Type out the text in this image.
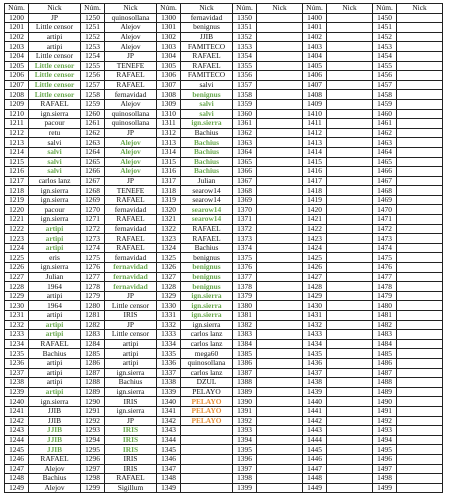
Núm.	Nick	Núm.	Nick	Núm.	Nick	Núm.	Nick	Núm.	Nick	Núm.	Nick
1200	JP	1250	quinosollana	1300	fernavidad	1350		1400		1450	
1201	Little censor	1251	Alejov	1301	benignus	1351		1401		1451	
1202	artipi	1252	Alejov	1302	JJIB	1352		1402		1452	
1203	artipi	1253	Alejov	1303	FAMITECO	1353		1403		1453	
1204	Little censor	1254	JP	1304	RAFAEL	1354		1404		1454	
1205	Little censor	1255	TENEFE	1305	RAFAEL	1355		1405		1455	
1206	Little censor	1256	RAFAEL	1306	FAMITECO	1356		1406		1456	
1207	Little censor	1257	RAFAEL	1307	salvi	1357		1407		1457	
1208	Little censor	1258	fernavidad	1308	benignus	1358		1408		1458	
1209	RAFAEL	1259	Alejov	1309	salvi	1359		1409		1459	
1210	ign.sierra	1260	quinosollana	1310	salvi	1360		1410		1460	
1211	pacour	1261	quinosollana	1311	ign.sierra	1361		1411		1461	
1212	retu	1262	JP	1312	Bachius	1362		1412		1462	
1213	salvi	1263	Alejov	1313	Bachius	1363		1413		1463	
1214	salvi	1264	Alejov	1314	Bachius	1364		1414		1464	
1215	salvi	1265	Alejov	1315	Bachius	1365		1415		1465	
1216	salvi	1266	Alejov	1316	Bachius	1366		1416		1466	
1217	carlos lanz	1267	JP	1317	Julian	1367		1417		1467	
1218	ign.sierra	1268	TENEFE	1318	searow14	1368		1418		1468	
1219	ign.sierra	1269	RAFAEL	1319	searow14	1369		1419		1469	
1220	pacour	1270	fernavidad	1320	searow14	1370		1420		1470	
1221	ign.sierra	1271	RAFAEL	1321	searow14	1371		1421		1471	
1222	artipi	1272	fernavidad	1322	RAFAEL	1372		1422		1472	
1223	artipi	1273	RAFAEL	1323	RAFAEL	1373		1423		1473	
1224	artipi	1274	RAFAEL	1324	Bachius	1374		1424		1474	
1225	eris	1275	fernavidad	1325	benignus	1375		1425		1475	
1226	ign.sierra	1276	fernavidad	1326	benignus	1376		1426		1476	
1227	Julian	1277	fernavidad	1327	benignus	1377		1427		1477	
1228	1964	1278	fernavidad	1328	benignus	1378		1428		1478	
1229	artipi	1279	JP	1329	ign.sierra	1379		1429		1479	
1230	1964	1280	Little censor	1330	ign.sierra	1380		1430		1480	
1231	artipi	1281	IRIS	1331	ign.sierra	1381		1431		1481	
1232	artipi	1282	JP	1332	ign.sierra	1382		1432		1482	
1233	artipi	1283	Little censor	1333	carlos lanz	1383		1433		1483	
1234	RAFAEL	1284	artipi	1334	carlos lanz	1384		1434		1484	
1235	Bachius	1285	artipi	1335	mega60	1385		1435		1485	
1236	artipi	1286	artipi	1336	quinosollana	1386		1436		1486	
1237	artipi	1287	ign.sierra	1337	carlos lanz	1387		1437		1487	
1238	artipi	1288	Bachius	1338	DZUL	1388		1438		1488	
1239	artipi	1289	ign.sierra	1339	PELAYO	1389		1439		1489	
1240	ign.sierra	1290	IRIS	1340	PELAYO	1390		1440		1490	
1241	JJIB	1291	ign.sierra	1341	PELAYO	1391		1441		1491	
1242	JJIB	1292	JP	1342	PELAYO	1392		1442		1492	
1243	JJIB	1293	IRIS	1343		1393		1443		1493	
1244	JJIB	1294	IRIS	1344		1394		1444		1494	
1245	JJIB	1295	IRIS	1345		1395		1445		1495	
1246	RAFAEL	1296	IRIS	1346		1396		1446		1496	
1247	Alejov	1297	IRIS	1347		1397		1447		1497	
1248	Bachius	1298	RAFAEL	1348		1398		1448		1498	
1249	Alejov	1299	Sigillum	1349		1399		1449		1499	
